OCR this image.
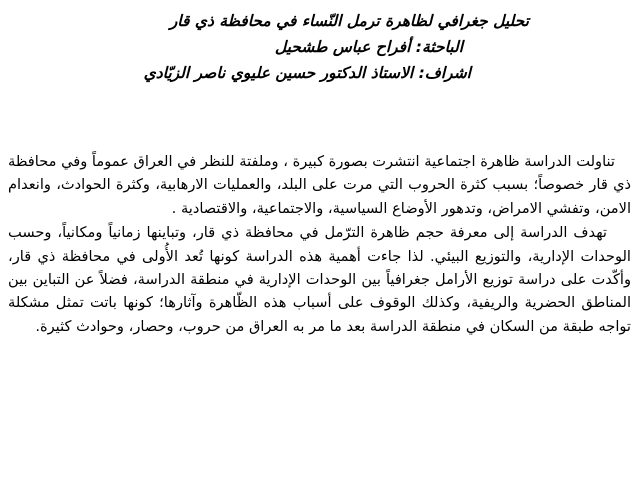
تحليل جغرافي لظاهرة ترمل النّساء في محافظة ذي قار
الباحثة: أفراح عباس طشحيل
اشراف: الاستاذ الدكتور حسين عليوي ناصر الزيّادي

تناولت الدراسة ظاهرة اجتماعية انتشرت بصورة كبيرة ، وملفتة للنظر في العراق عموماً وفي محافظة ذي قار خصوصاً؛ بسبب كثرة الحروب التي مرت على البلد، والعمليات الارهابية، وكثرة الحوادث، وانعدام الامن، وتفشي الامراض، وتدهور الأوضاع السياسية، والاجتماعية، والاقتصادية .

تهدف الدراسة إلى معرفة حجم ظاهرة الترّمل في محافظة ذي قار، وتباينها زمانياً ومكانياً، وحسب الوحدات الإدارية، والتوزيع البيئي. لذا جاءت أهمية هذه الدراسة كونها تُعد الأُولى في محافظة ذي قار، وأكّدت على دراسة توزيع الأرامل جغرافياً بين الوحدات الإدارية في منطقة الدراسة، فضلاً عن التباين بين المناطق الحضرية والريفية، وكذلك الوقوف على أسباب هذه الظّاهرة وآثارها؛ كونها باتت تمثل مشكلة تواجه طبقة من السكان في منطقة الدراسة بعد ما مر به العراق من حروب، وحصار، وحوادث كثيرة.
